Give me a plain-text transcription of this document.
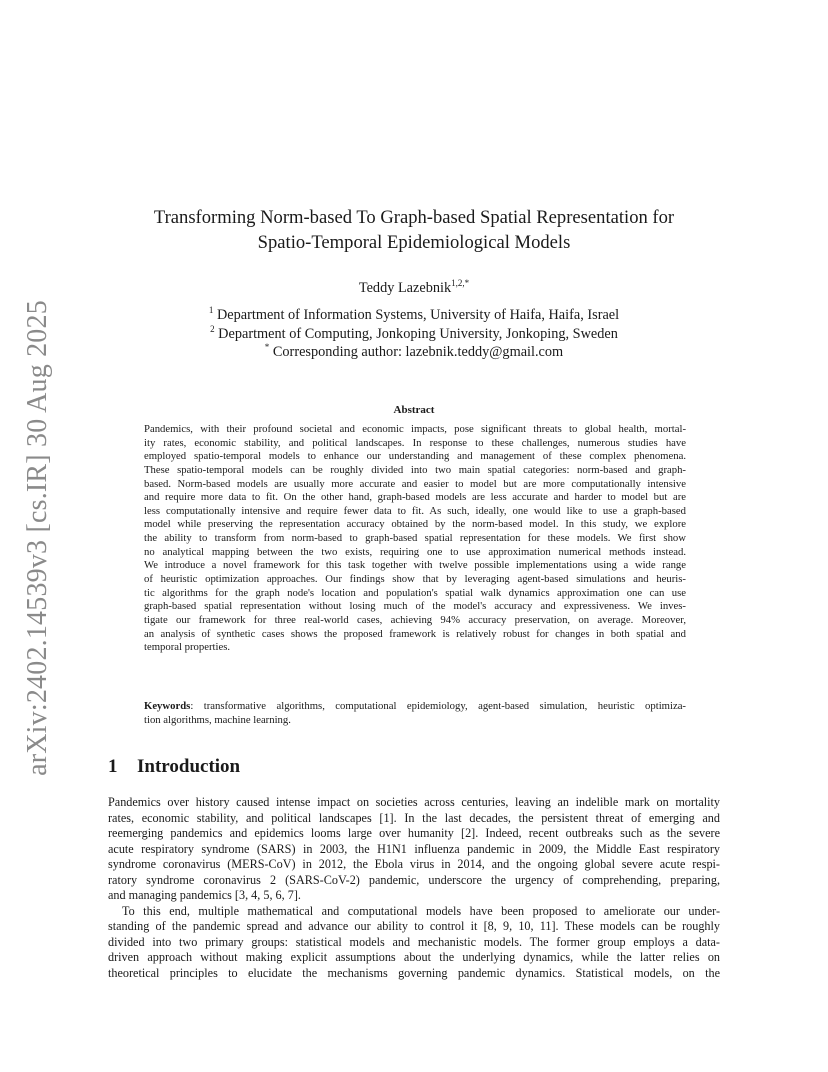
arXiv:2402.14539v3 [cs.IR] 30 Aug 2025
Transforming Norm-based To Graph-based Spatial Representation for
Spatio-Temporal Epidemiological Models
Teddy Lazebnik$^{1,2,*}$
$^1$ Department of Information Systems, University of Haifa, Haifa, Israel
$^2$ Department of Computing, Jonkoping University, Jonkoping, Sweden
* Corresponding author: lazebnik.teddy@gmail.com
Abstract
Pandemics, with their profound societal and economic impacts, pose significant threats to global health, mortal-
ity rates, economic stability, and political landscapes. In response to these challenges, numerous studies have
employed spatio-temporal models to enhance our understanding and management of these complex phenomena.
These spatio-temporal models can be roughly divided into two main spatial categories: norm-based and graph-
based. Norm-based models are usually more accurate and easier to model but are more computationally intensive
and require more data to fit. On the other hand, graph-based models are less accurate and harder to model but are
less computationally intensive and require fewer data to fit. As such, ideally, one would like to use a graph-based
model while preserving the representation accuracy obtained by the norm-based model. In this study, we explore
the ability to transform from norm-based to graph-based spatial representation for these models. We first show
no analytical mapping between the two exists, requiring one to use approximation numerical methods instead.
We introduce a novel framework for this task together with twelve possible implementations using a wide range
of heuristic optimization approaches. Our findings show that by leveraging agent-based simulations and heuris-
tic algorithms for the graph node's location and population's spatial walk dynamics approximation one can use
graph-based spatial representation without losing much of the model's accuracy and expressiveness. We inves-
tigate our framework for three real-world cases, achieving 94% accuracy preservation, on average. Moreover,
an analysis of synthetic cases shows the proposed framework is relatively robust for changes in both spatial and
temporal properties.
Keywords: transformative algorithms, computational epidemiology, agent-based simulation, heuristic optimiza-
tion algorithms, machine learning.
1 Introduction
Pandemics over history caused intense impact on societies across centuries, leaving an indelible mark on mortality
rates, economic stability, and political landscapes [1]. In the last decades, the persistent threat of emerging and
reemerging pandemics and epidemics looms large over humanity [2]. Indeed, recent outbreaks such as the severe
acute respiratory syndrome (SARS) in 2003, the H1N1 influenza pandemic in 2009, the Middle East respiratory
syndrome coronavirus (MERS-CoV) in 2012, the Ebola virus in 2014, and the ongoing global severe acute respi-
ratory syndrome coronavirus 2 (SARS-CoV-2) pandemic, underscore the urgency of comprehending, preparing,
and managing pandemics [3, 4, 5, 6, 7].
To this end, multiple mathematical and computational models have been proposed to ameliorate our under-
standing of the pandemic spread and advance our ability to control it [8, 9, 10, 11]. These models can be roughly
divided into two primary groups: statistical models and mechanistic models. The former group employs a data-
driven approach without making explicit assumptions about the underlying dynamics, while the latter relies on
theoretical principles to elucidate the mechanisms governing pandemic dynamics. Statistical models, on the
